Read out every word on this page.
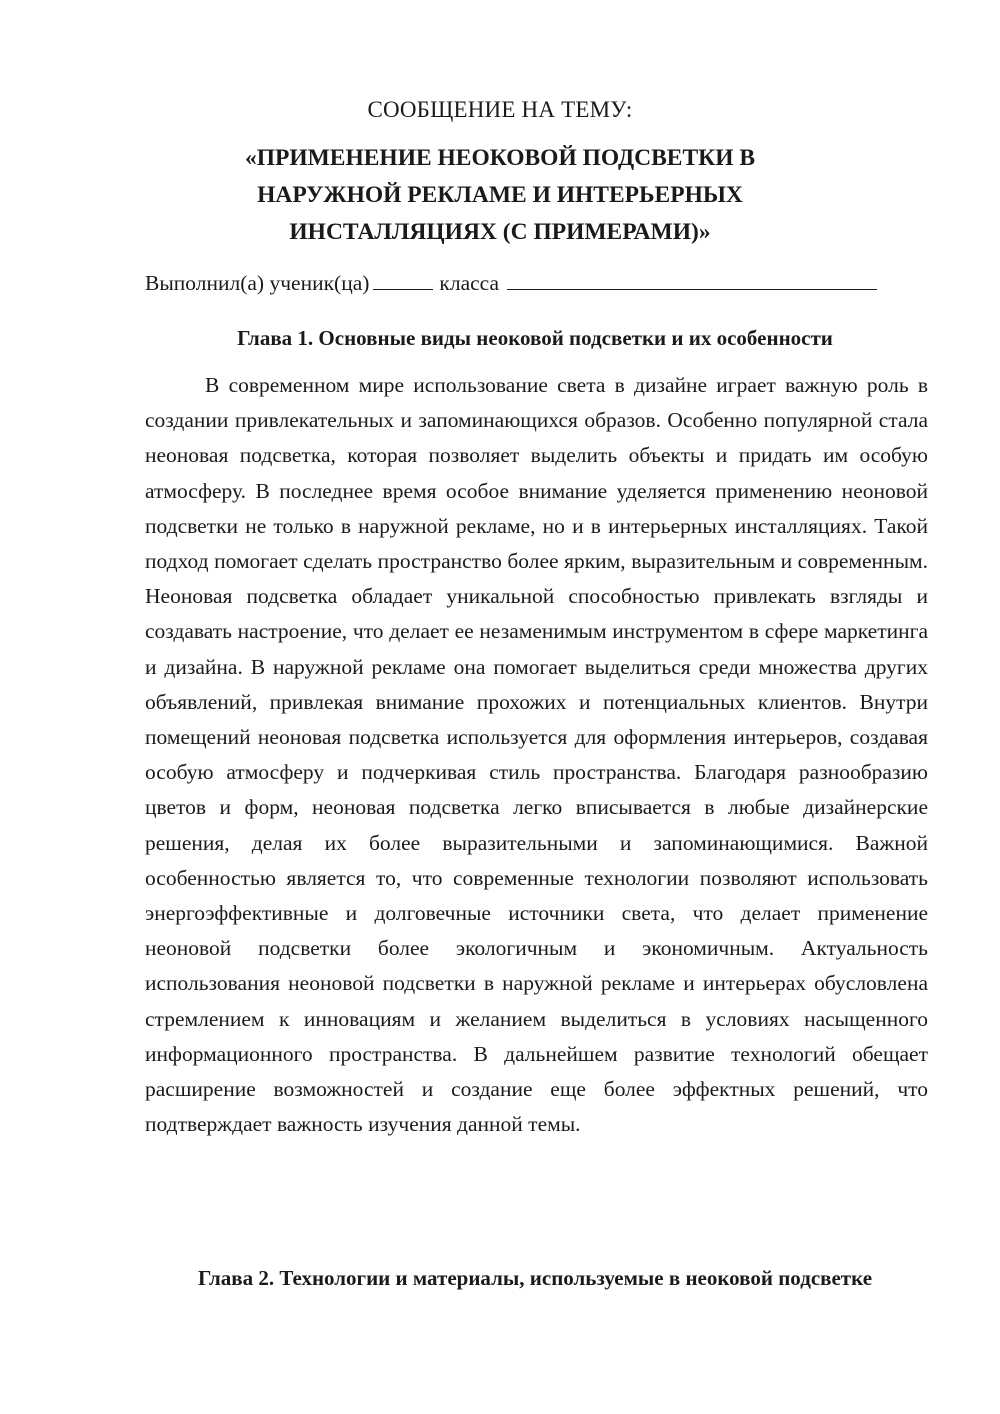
СООБЩЕНИЕ НА ТЕМУ:
«ПРИМЕНЕНИЕ НЕОКОВОЙ ПОДСВЕТКИ В НАРУЖНОЙ РЕКЛАМЕ И ИНТЕРЬЕРНЫХ ИНСТАЛЛЯЦИЯХ (С ПРИМЕРАМИ)»
Выполнил(а) ученик(ца)	класса
Глава 1. Основные виды неоковой подсветки и их особенности

В современном мире использование света в дизайне играет важную роль в создании привлекательных и запоминающихся образов. Особенно популярной стала неоновая подсветка, которая позволяет выделить объекты и придать им особую атмосферу. В последнее время особое внимание уделяется применению неоновой подсветки не только в наружной рекламе, но и в интерьерных инсталляциях. Такой подход помогает сделать пространство более ярким, выразительным и современным. Неоновая подсветка обладает уникальной способностью привлекать взгляды и создавать настроение, что делает ее незаменимым инструментом в сфере маркетинга и дизайна. В наружной рекламе она помогает выделиться среди множества других объявлений, привлекая внимание прохожих и потенциальных клиентов. Внутри помещений неоновая подсветка используется для оформления интерьеров, создавая особую атмосферу и подчеркивая стиль пространства. Благодаря разнообразию цветов и форм, неоновая подсветка легко вписывается в любые дизайнерские решения, делая их более выразительными и запоминающимися. Важной особенностью является то, что современные технологии позволяют использовать энергоэффективные и долговечные источники света, что делает применение неоновой подсветки более экологичным и экономичным. Актуальность использования неоновой подсветки в наружной рекламе и интерьерах обусловлена стремлением к инновациям и желанием выделиться в условиях насыщенного информационного пространства. В дальнейшем развитие технологий обещает расширение возможностей и создание еще более эффектных решений, что подтверждает важность изучения данной темы.

Глава 2. Технологии и материалы, используемые в неоковой подсветке
